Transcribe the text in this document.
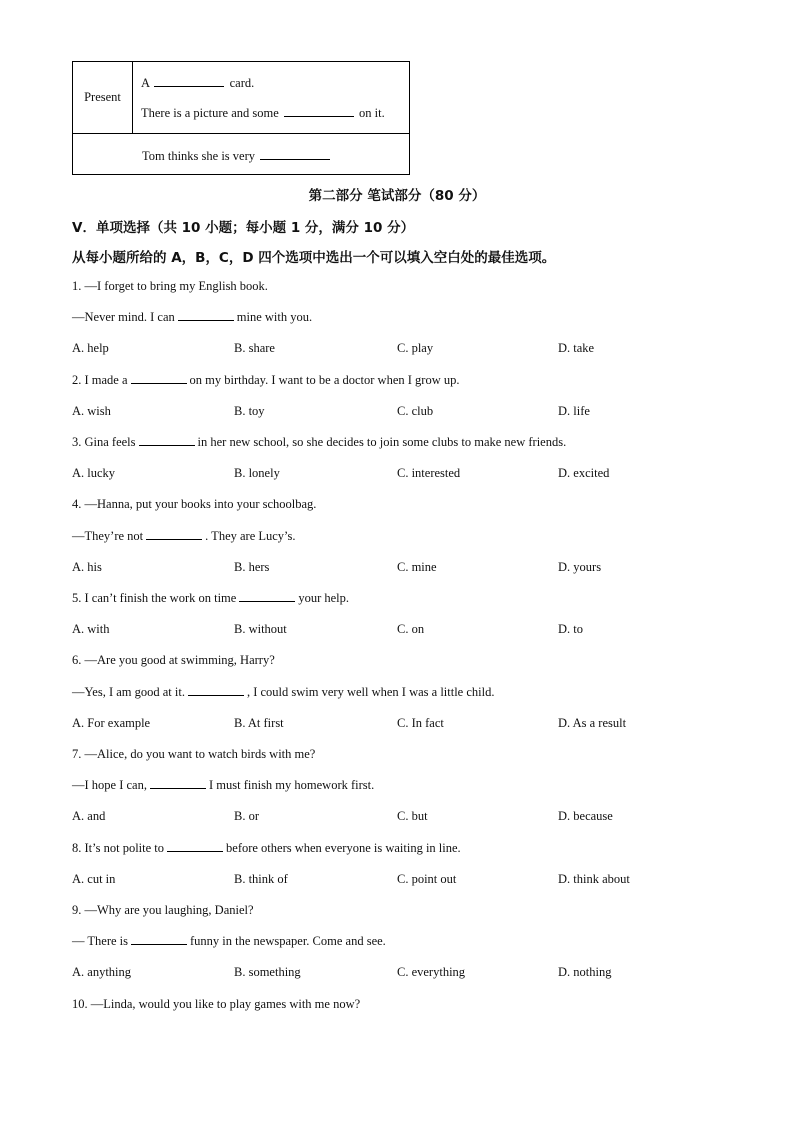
Present
A	card.
There is a picture and some	on it.
Tom thinks she is very
第二部分 笔试部分（80 分）
V．单项选择（共 10 小题；每小题 1 分，满分 10 分）
从每小题所给的 A，B，C，D 四个选项中选出一个可以填入空白处的最佳选项。
1. —I forget to bring my English book.
—Never mind. I can	mine with you.
A. help	B. share	C. play	D. take
2. I made a	on my birthday. I want to be a doctor when I grow up.
A. wish	B. toy	C. club	D. life
3. Gina feels	in her new school, so she decides to join some clubs to make new friends.
A. lucky	B. lonely	C. interested	D. excited
4. —Hanna, put your books into your schoolbag.
—They’re not	. They are Lucy’s.
A. his	B. hers	C. mine	D. yours
5. I can’t finish the work on time	your help.
A. with	B. without	C. on	D. to
6. —Are you good at swimming, Harry?
—Yes, I am good at it.	, I could swim very well when I was a little child.
A. For example	B. At first	C. In fact	D. As a result
7. —Alice, do you want to watch birds with me?
—I hope I can,	I must finish my homework first.
A. and	B. or	C. but	D. because
8. It’s not polite to	before others when everyone is waiting in line.
A. cut in	B. think of	C. point out	D. think about
9. —Why are you laughing, Daniel?
— There is	funny in the newspaper. Come and see.
A. anything	B. something	C. everything	D. nothing
10. —Linda, would you like to play games with me now?
